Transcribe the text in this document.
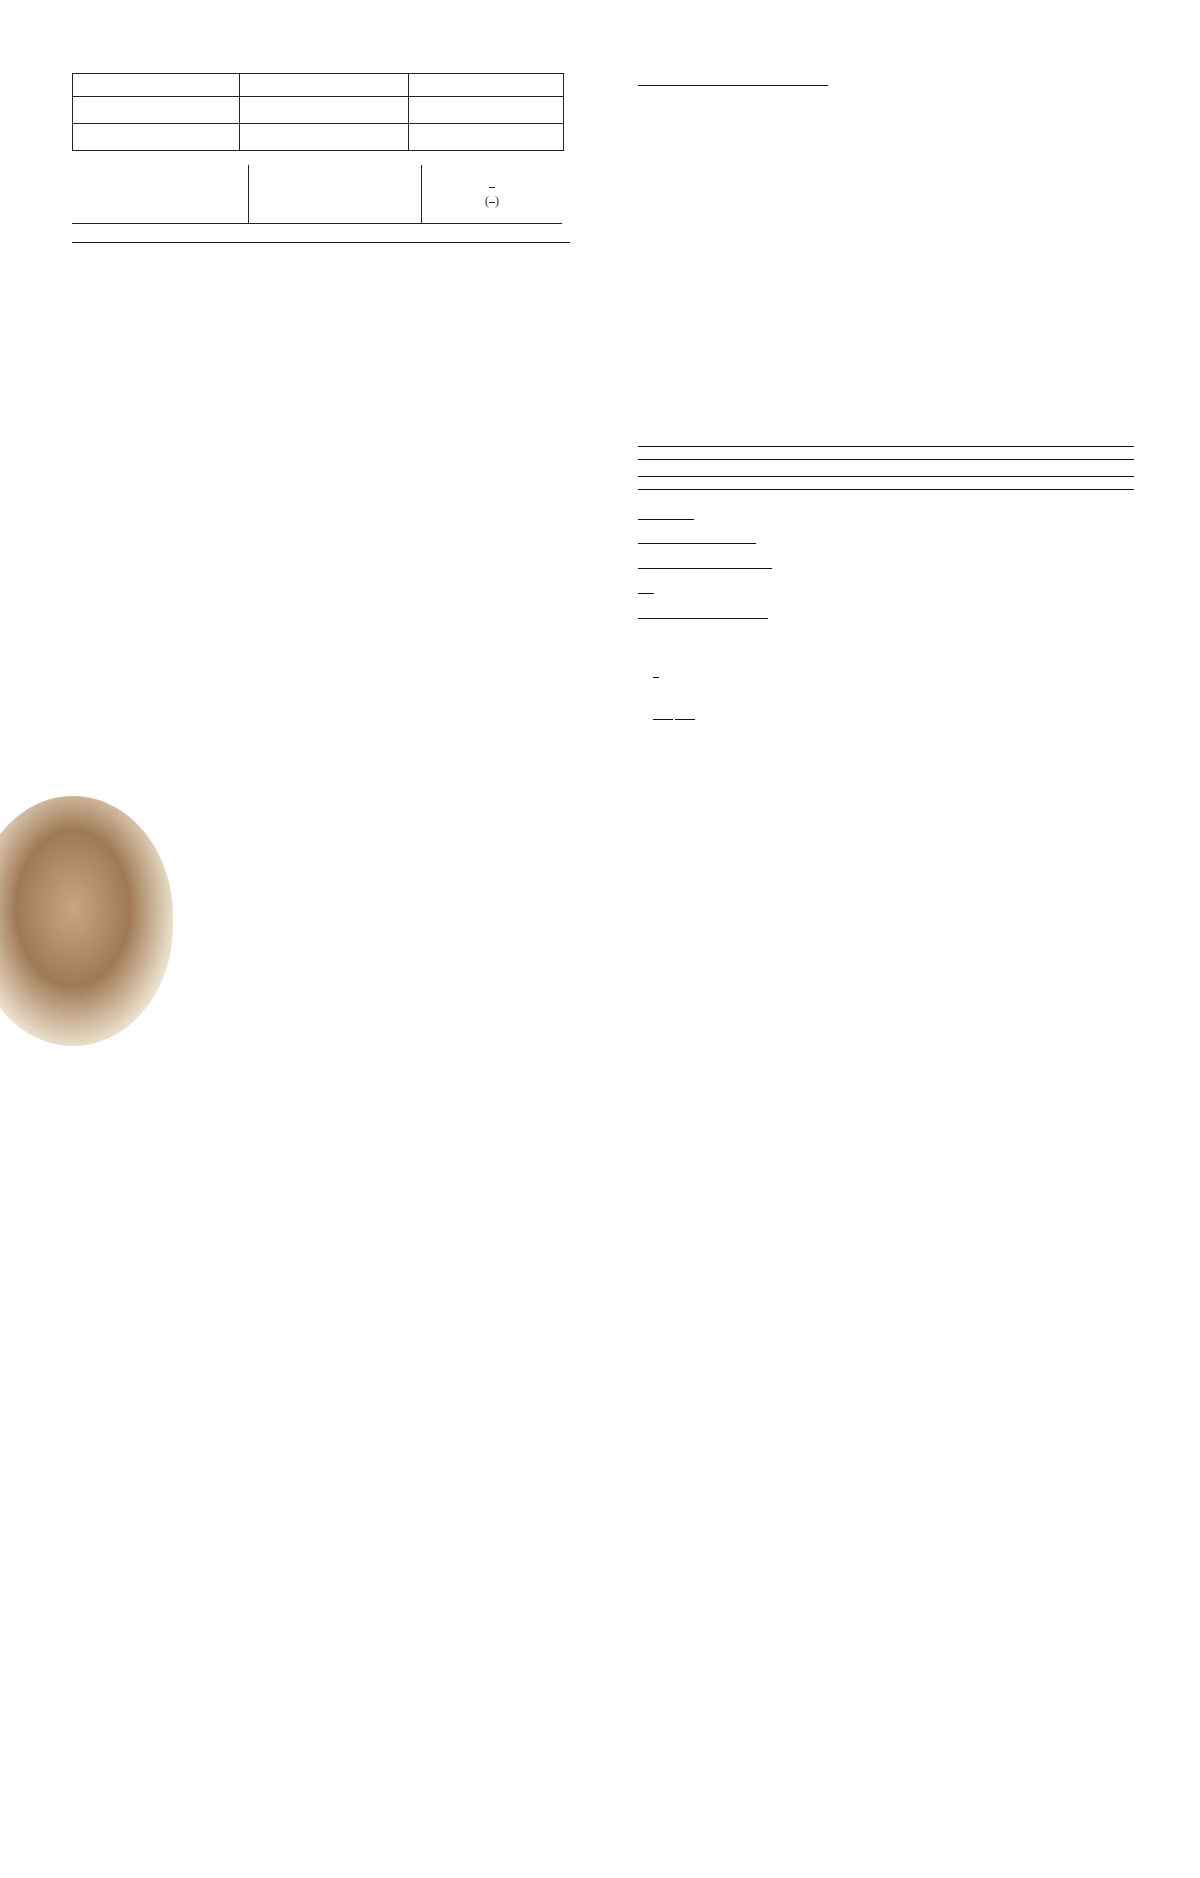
( )
